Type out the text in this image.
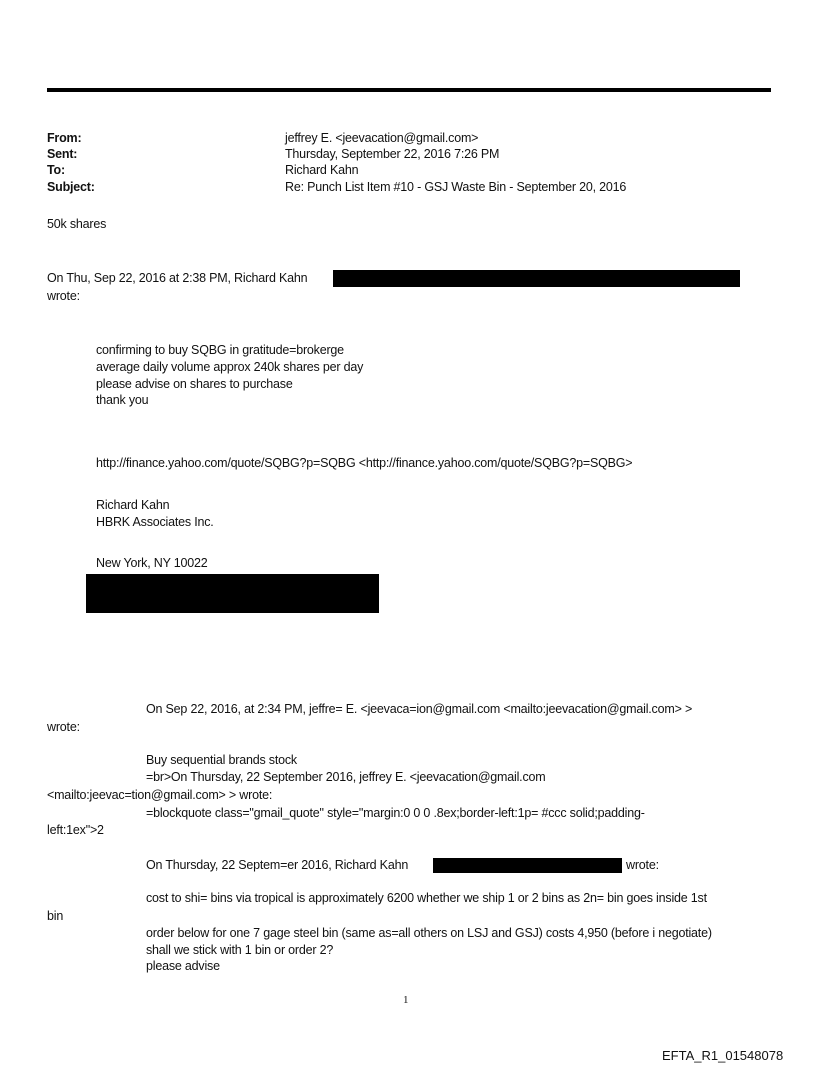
From:	jeffrey E. <jeevacation@gmail.com>
Sent:	Thursday, September 22, 2016 7:26 PM
To:	Richard Kahn
Subject:	Re: Punch List Item #10 - GSJ Waste Bin - September 20, 2016
50k shares
On Thu, Sep 22, 2016 at 2:38 PM, Richard Kahn
wrote:
confirming to buy SQBG in gratitude=brokerge
average daily volume approx 240k shares per day
please advise on shares to purchase
thank you
http://finance.yahoo.com/quote/SQBG?p=SQBG <http://finance.yahoo.com/quote/SQBG?p=SQBG>
Richard Kahn
HBRK Associates Inc.
New York, NY 10022
On Sep 22, 2016, at 2:34 PM, jeffre= E. <jeevaca=ion@gmail.com <mailto:jeevacation@gmail.com> >
wrote:
Buy sequential brands stock
=br>On Thursday, 22 September 2016, jeffrey E. <jeevacation@gmail.com
<mailto:jeevac=tion@gmail.com> > wrote:
=blockquote class="gmail_quote" style="margin:0 0 0 .8ex;border-left:1p= #ccc solid;padding-
left:1ex">2
On Thursday, 22 Septem=er 2016, Richard Kahn	wrote:
cost to shi= bins via tropical is approximately 6200 whether we ship 1 or 2 bins as 2n= bin goes inside 1st
bin
order below for one 7 gage steel bin (same as=all others on LSJ and GSJ) costs 4,950 (before i negotiate)
shall we stick with 1 bin or order 2?
please advise
1
EFTA_R1_01548078
